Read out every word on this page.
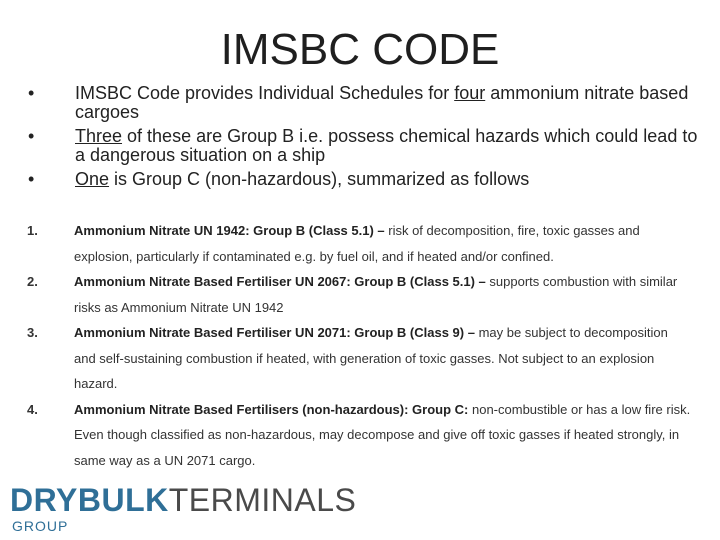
IMSBC CODE
• IMSBC Code provides Individual Schedules for four ammonium nitrate based cargoes
• Three of these are Group B i.e. possess chemical hazards which could lead to a dangerous situation on a ship
• One is Group C (non-hazardous), summarized as follows
1.	Ammonium Nitrate UN 1942: Group B (Class 5.1) – risk of decomposition, fire, toxic gasses and explosion, particularly if contaminated e.g. by fuel oil, and if heated and/or confined.
2.	Ammonium Nitrate Based Fertiliser UN 2067: Group B (Class 5.1) – supports combustion with similar risks as Ammonium Nitrate UN 1942
3.	Ammonium Nitrate Based Fertiliser UN 2071: Group B (Class 9) – may be subject to decomposition and self-sustaining combustion if heated, with generation of toxic gasses. Not subject to an explosion hazard.
4.	Ammonium Nitrate Based Fertilisers (non-hazardous): Group C: non-combustible or has a low fire risk. Even though classified as non-hazardous, may decompose and give off toxic gasses if heated strongly, in same way as a UN 2071 cargo.
DRYBULKTERMINALS
GROUP
